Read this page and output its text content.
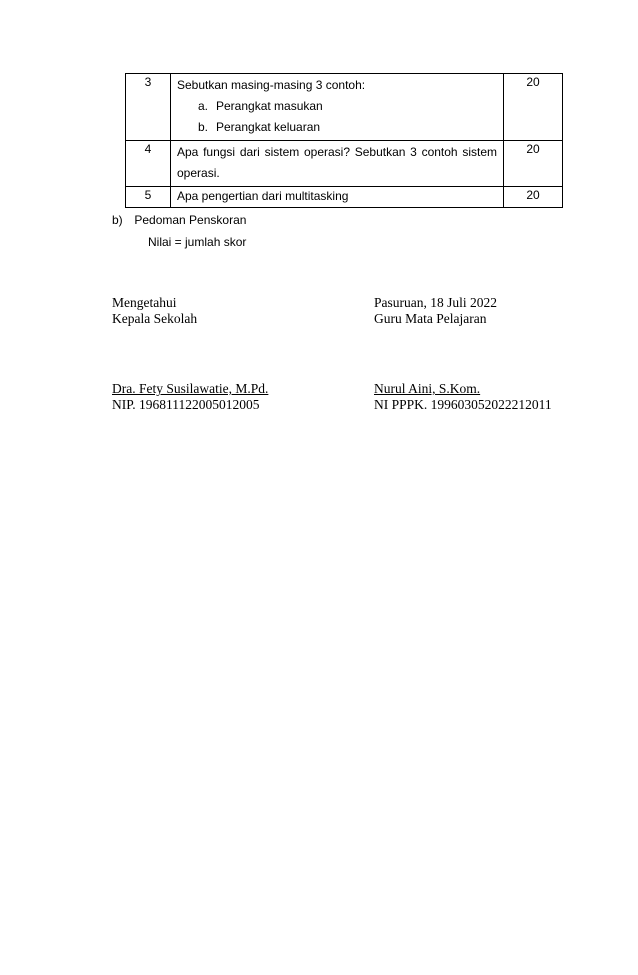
3	Sebutkan masing-masing 3 contoh:
a. Perangkat masukan
b. Perangkat keluaran	20
4	Apa fungsi dari sistem operasi? Sebutkan 3 contoh sistem operasi.	20
5	Apa pengertian dari multitasking	20
b) Pedoman Penskoran
Nilai = jumlah skor
Mengetahui
Kepala Sekolah
Dra. Fety Susilawatie, M.Pd.
NIP. 196811122005012005
Pasuruan, 18 Juli 2022
Guru Mata Pelajaran
Nurul Aini, S.Kom.
NI PPPK. 199603052022212011
